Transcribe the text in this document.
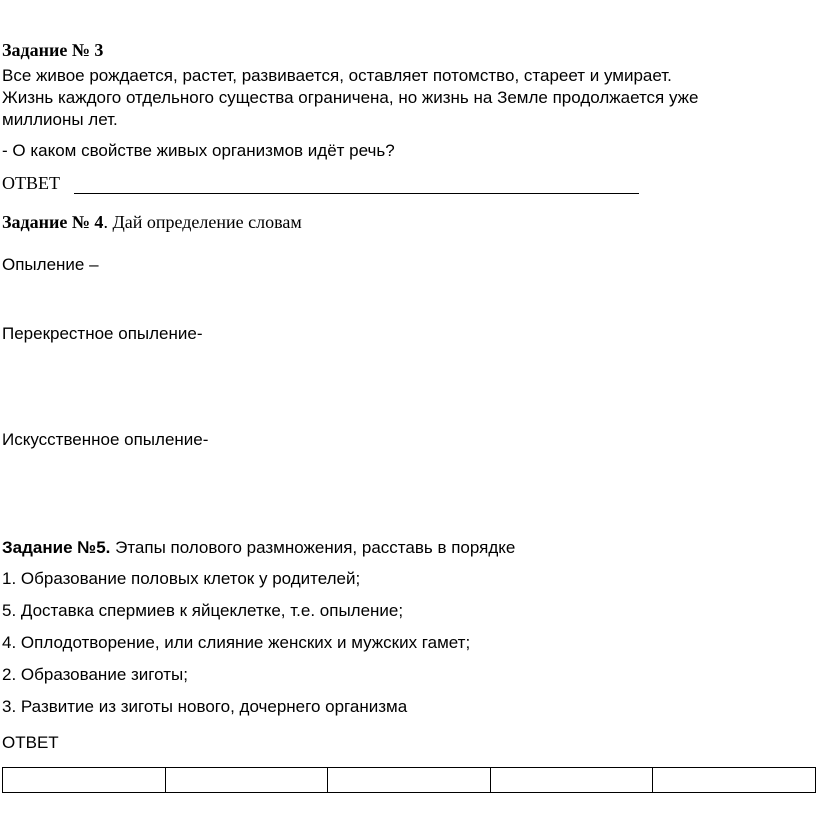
Задание № 3
Все живое рождается, растет, развивается, оставляет потомство, стареет и умирает.
Жизнь каждого отдельного существа ограничена, но жизнь на Земле продолжается уже
миллионы лет.
- О каком свойстве живых организмов идёт речь?
ОТВЕТ
Задание № 4. Дай определение словам
Опыление –
Перекрестное опыление-
Искусственное опыление-
Задание №5. Этапы полового размножения, расставь в порядке
1. Образование половых клеток у родителей;
5. Доставка спермиев к яйцеклетке, т.е. опыление;
4. Оплодотворение, или слияние женских и мужских гамет;
2. Образование зиготы;
3. Развитие из зиготы нового, дочернего организма
ОТВЕТ
